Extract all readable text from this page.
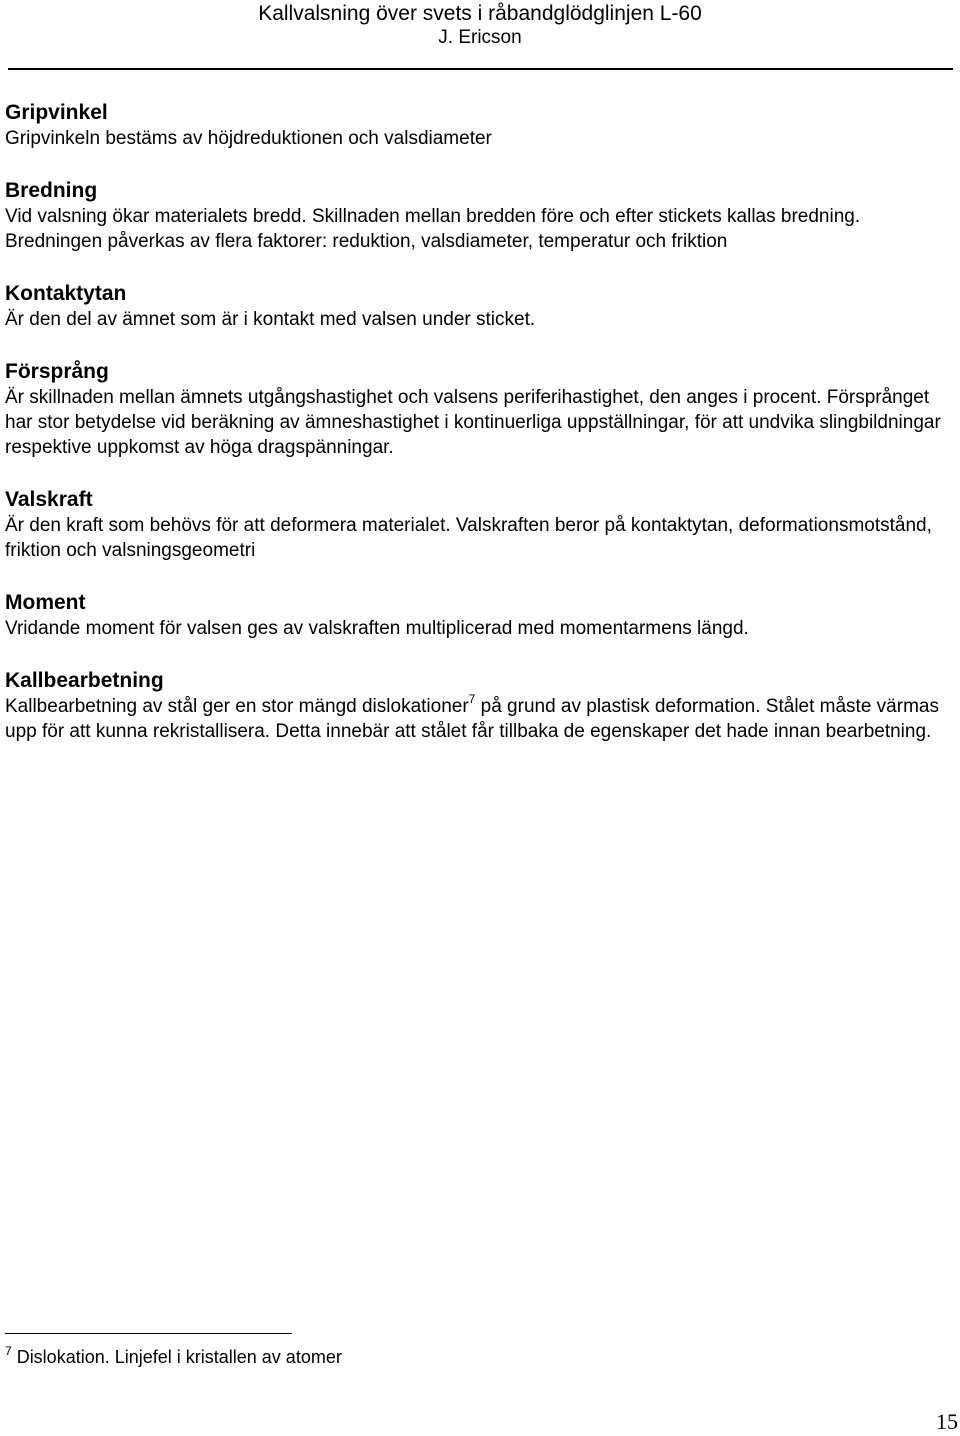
Kallvalsning över svets i råbandglödglinjen L-60
J. Ericson
Gripvinkel

Gripvinkeln bestäms av höjdreduktionen och valsdiameter

Bredning

Vid valsning ökar materialets bredd. Skillnaden mellan bredden före och efter stickets kallas bredning. Bredningen påverkas av flera faktorer: reduktion, valsdiameter, temperatur och friktion

Kontaktytan

Är den del av ämnet som är i kontakt med valsen under sticket.

Försprång

Är skillnaden mellan ämnets utgångshastighet och valsens periferihastighet, den anges i procent. Försprånget har stor betydelse vid beräkning av ämneshastighet i kontinuerliga uppställningar, för att undvika slingbildningar respektive uppkomst av höga dragspänningar.

Valskraft

Är den kraft som behövs för att deformera materialet. Valskraften beror på kontaktytan, deformationsmotstånd, friktion och valsningsgeometri

Moment

Vridande moment för valsen ges av valskraften multiplicerad med momentarmens längd.

Kallbearbetning

Kallbearbetning av stål ger en stor mängd dislokationer$^7$ på grund av plastisk deformation. Stålet måste värmas upp för att kunna rekristallisera. Detta innebär att stålet får tillbaka de egenskaper det hade innan bearbetning.

$^7$ Dislokation. Linjefel i kristallen av atomer
15
